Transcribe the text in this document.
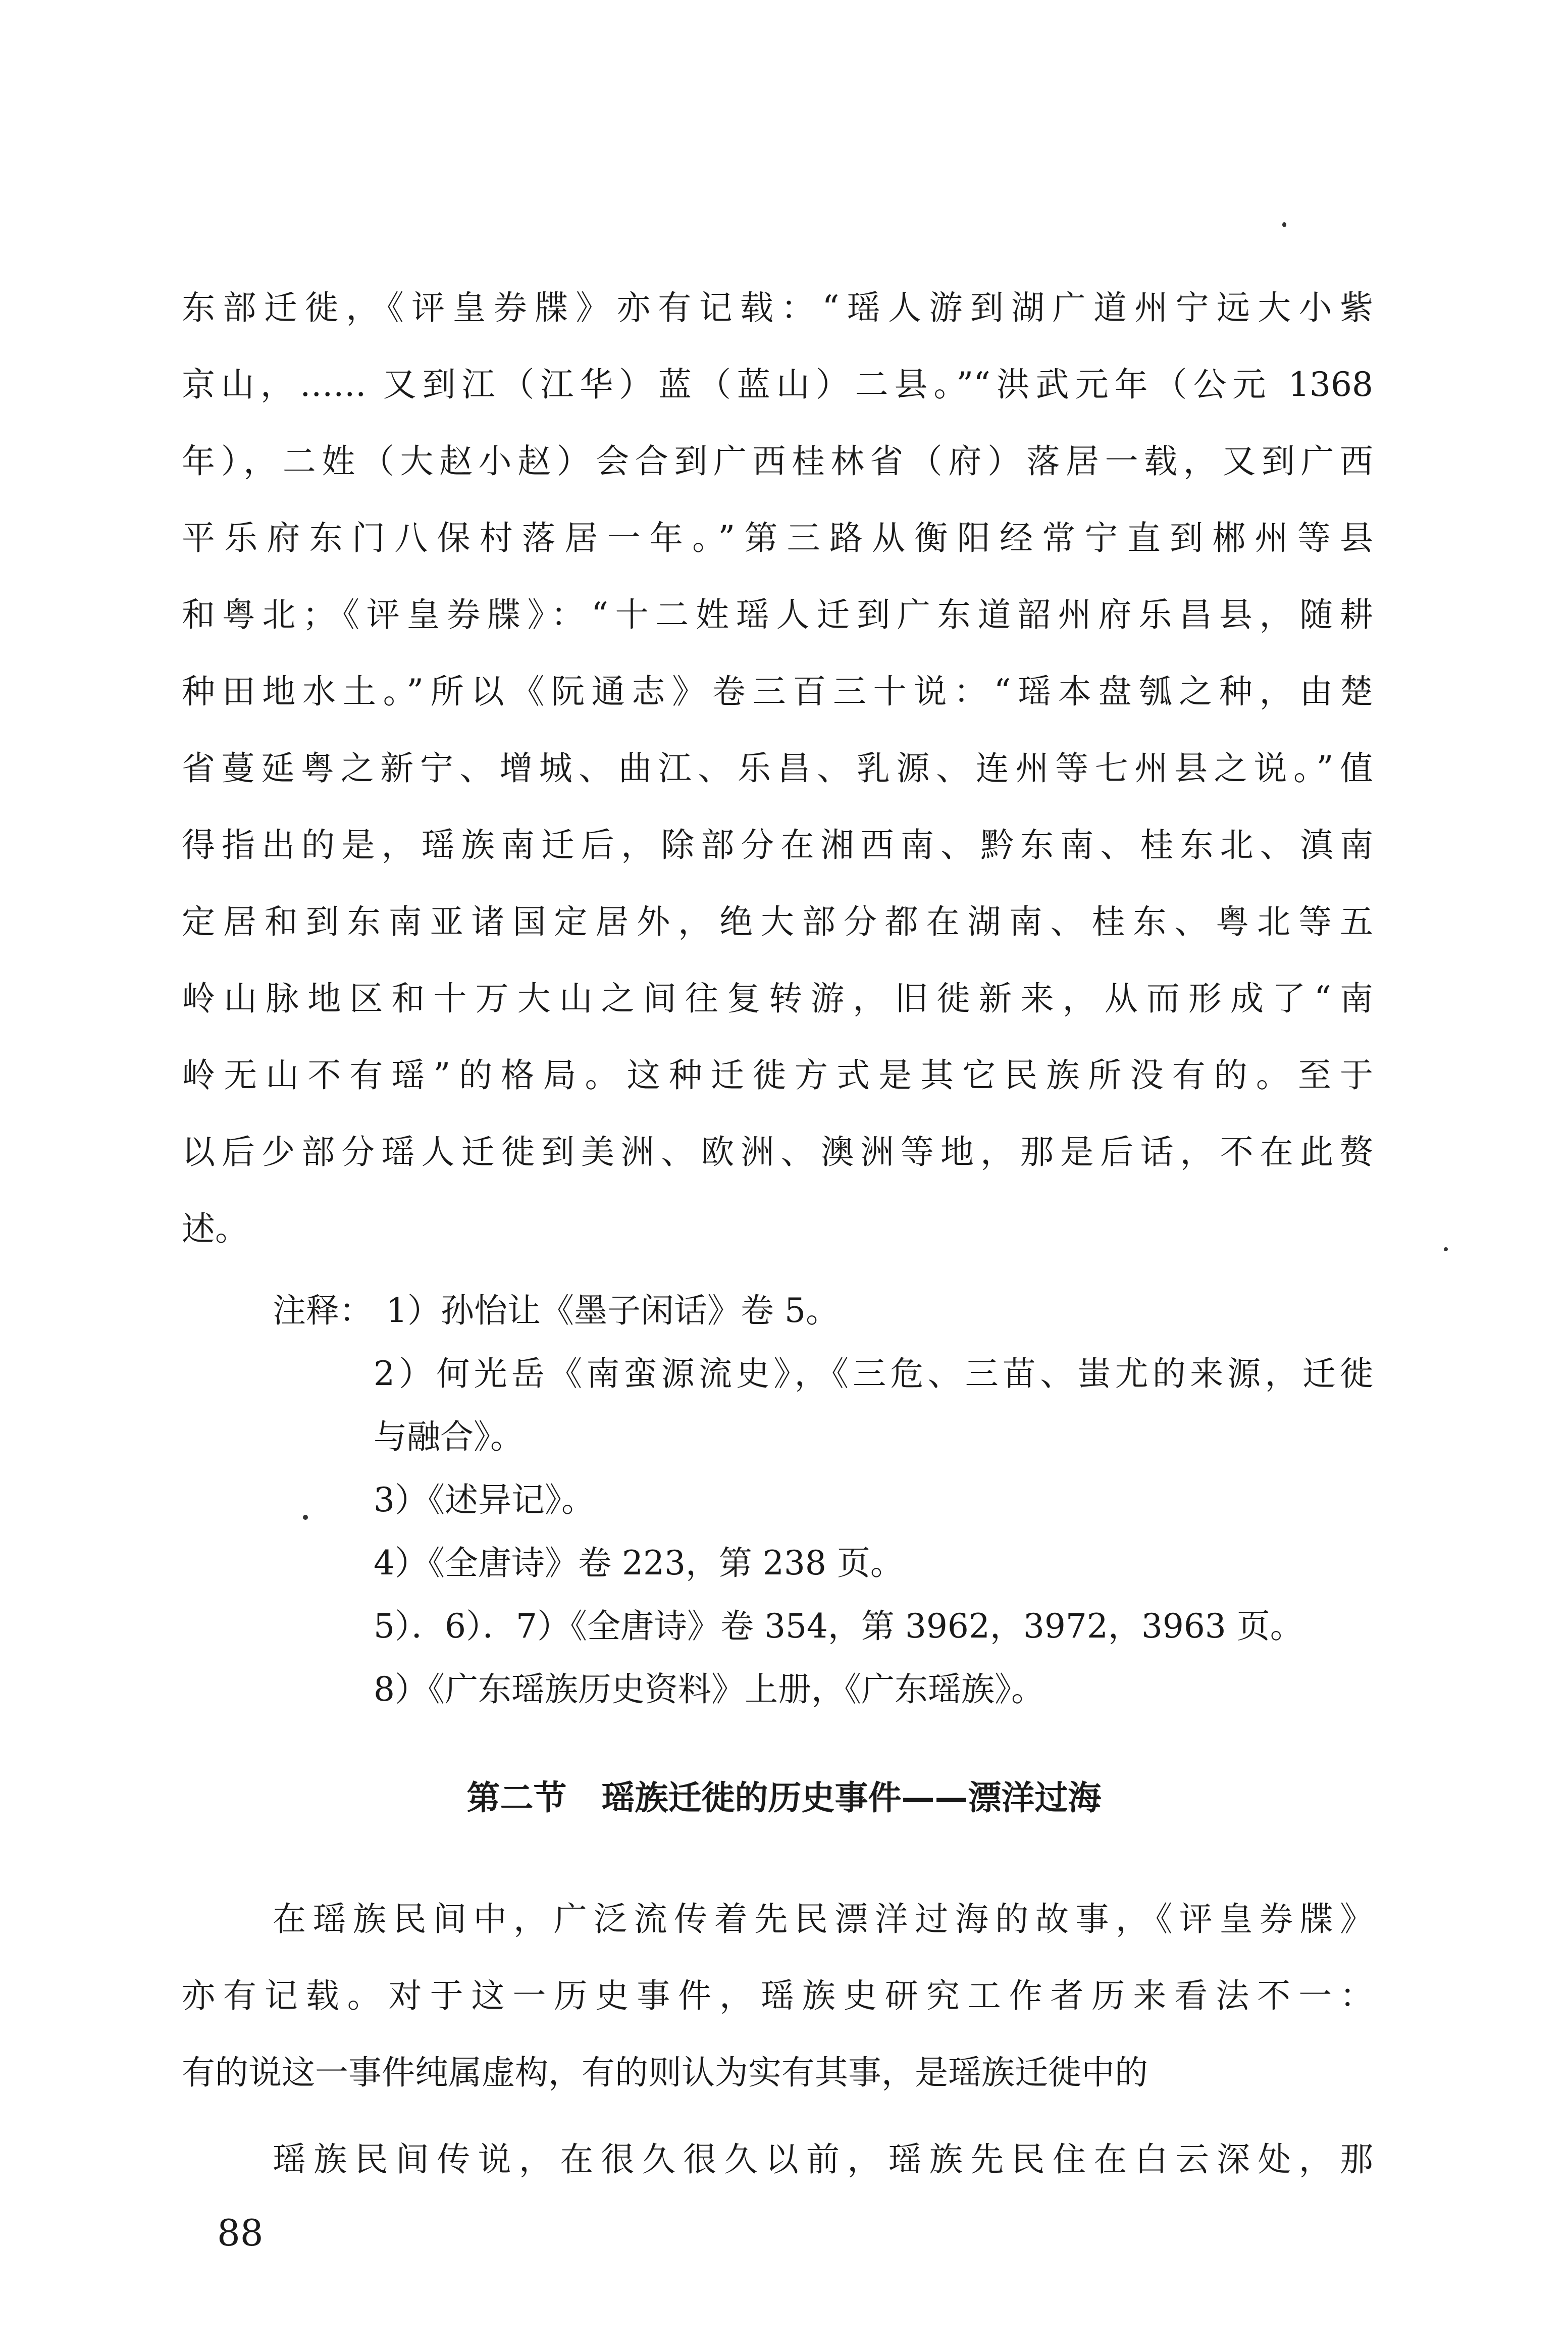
东部迁徙，《评皇券牒》亦有记载：“瑶人游到湖广道州宁远大小紫
京山，…… 又到江（江华）蓝（蓝山）二县。”“洪武元年（公元 1368
年），二姓（大赵小赵）会合到广西桂林省（府）落居一载，又到广西
平乐府东门八保村落居一年。”第三路从衡阳经常宁直到郴州等县
和粤北；《评皇券牒》：“十二姓瑶人迁到广东道韶州府乐昌县，随耕
种田地水土。”所以《阮通志》卷三百三十说：“瑶本盘瓠之种，由楚
省蔓延粤之新宁、增城、曲江、乐昌、乳源、连州等七州县之说。”值
得指出的是，瑶族南迁后，除部分在湘西南、黔东南、桂东北、滇南
定居和到东南亚诸国定居外，绝大部分都在湖南、桂东、粤北等五
岭山脉地区和十万大山之间往复转游，旧徙新来，从而形成了“南
岭无山不有瑶”的格局。这种迁徙方式是其它民族所没有的。至于
以后少部分瑶人迁徙到美洲、欧洲、澳洲等地，那是后话，不在此赘
述。
注释： 1）孙怡让《墨子闲话》卷 5。
2）何光岳《南蛮源流史》，《三危、三苗、蚩尤的来源，迁徙
与融合》。
3）《述异记》。
4）《全唐诗》卷 223，第 238 页。
5）．6）．7）《全唐诗》卷 354，第 3962，3972，3963 页。
8）《广东瑶族历史资料》上册，《广东瑶族》。
第二节   瑶族迁徙的历史事件——漂洋过海
在瑶族民间中，广泛流传着先民漂洋过海的故事，《评皇券牒》
亦有记载。对于这一历史事件，瑶族史研究工作者历来看法不一：
有的说这一事件纯属虚构，有的则认为实有其事，是瑶族迁徙中的
瑶族民间传说，在很久很久以前，瑶族先民住在白云深处，那
88
